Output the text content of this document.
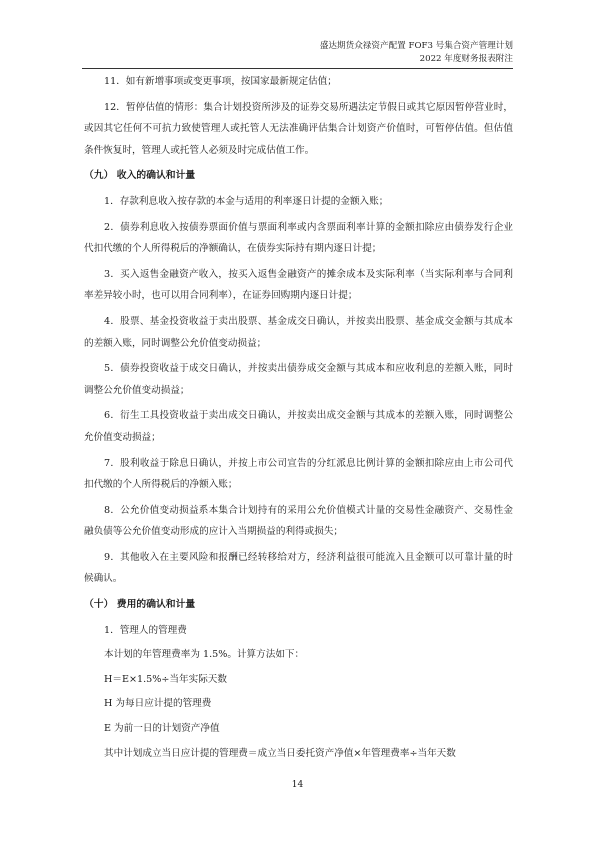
盛达期货众禄资产配置 FOF3 号集合资产管理计划
2022 年度财务报表附注

11．如有新增事项或变更事项，按国家最新规定估值；

12．暂停估值的情形：集合计划投资所涉及的证券交易所遇法定节假日或其它原因暂停营业时，或因其它任何不可抗力致使管理人或托管人无法准确评估集合计划资产价值时，可暂停估值。但估值条件恢复时，管理人或托管人必须及时完成估值工作。

（九） 收入的确认和计量

1．存款利息收入按存款的本金与适用的利率逐日计提的金额入账；

2．债券利息收入按债券票面价值与票面利率或内含票面利率计算的金额扣除应由债券发行企业代扣代缴的个人所得税后的净额确认，在债券实际持有期内逐日计提；

3．买入返售金融资产收入，按买入返售金融资产的摊余成本及实际利率（当实际利率与合同利率差异较小时，也可以用合同利率），在证券回购期内逐日计提；

4．股票、基金投资收益于卖出股票、基金成交日确认，并按卖出股票、基金成交金额与其成本的差额入账，同时调整公允价值变动损益；

5．债券投资收益于成交日确认，并按卖出债券成交金额与其成本和应收利息的差额入账，同时调整公允价值变动损益；

6．衍生工具投资收益于卖出成交日确认，并按卖出成交金额与其成本的差额入账，同时调整公允价值变动损益；

7．股利收益于除息日确认，并按上市公司宣告的分红派息比例计算的金额扣除应由上市公司代扣代缴的个人所得税后的净额入账；

8．公允价值变动损益系本集合计划持有的采用公允价值模式计量的交易性金融资产、交易性金融负债等公允价值变动形成的应计入当期损益的利得或损失；

9．其他收入在主要风险和报酬已经转移给对方，经济利益很可能流入且金额可以可靠计量的时候确认。

（十） 费用的确认和计量

1．管理人的管理费

本计划的年管理费率为 1.5%。计算方法如下：

H＝E×1.5%÷当年实际天数

H 为每日应计提的管理费

E 为前一日的计划资产净值

其中计划成立当日应计提的管理费＝成立当日委托资产净值×年管理费率÷当年天数

14
